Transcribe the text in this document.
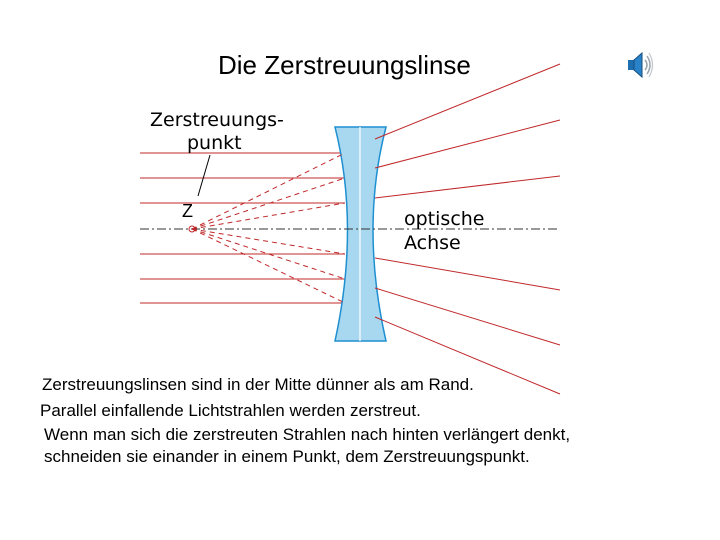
Die Zerstreuungslinse
Zerstreuungs-
punkt
Z	optische
Achse
Zerstreuungslinsen sind in der Mitte dünner als am Rand.
Parallel einfallende Lichtstrahlen werden zerstreut.
Wenn man sich die zerstreuten Strahlen nach hinten verlängert denkt,
schneiden sie einander in einem Punkt, dem Zerstreuungspunkt.
